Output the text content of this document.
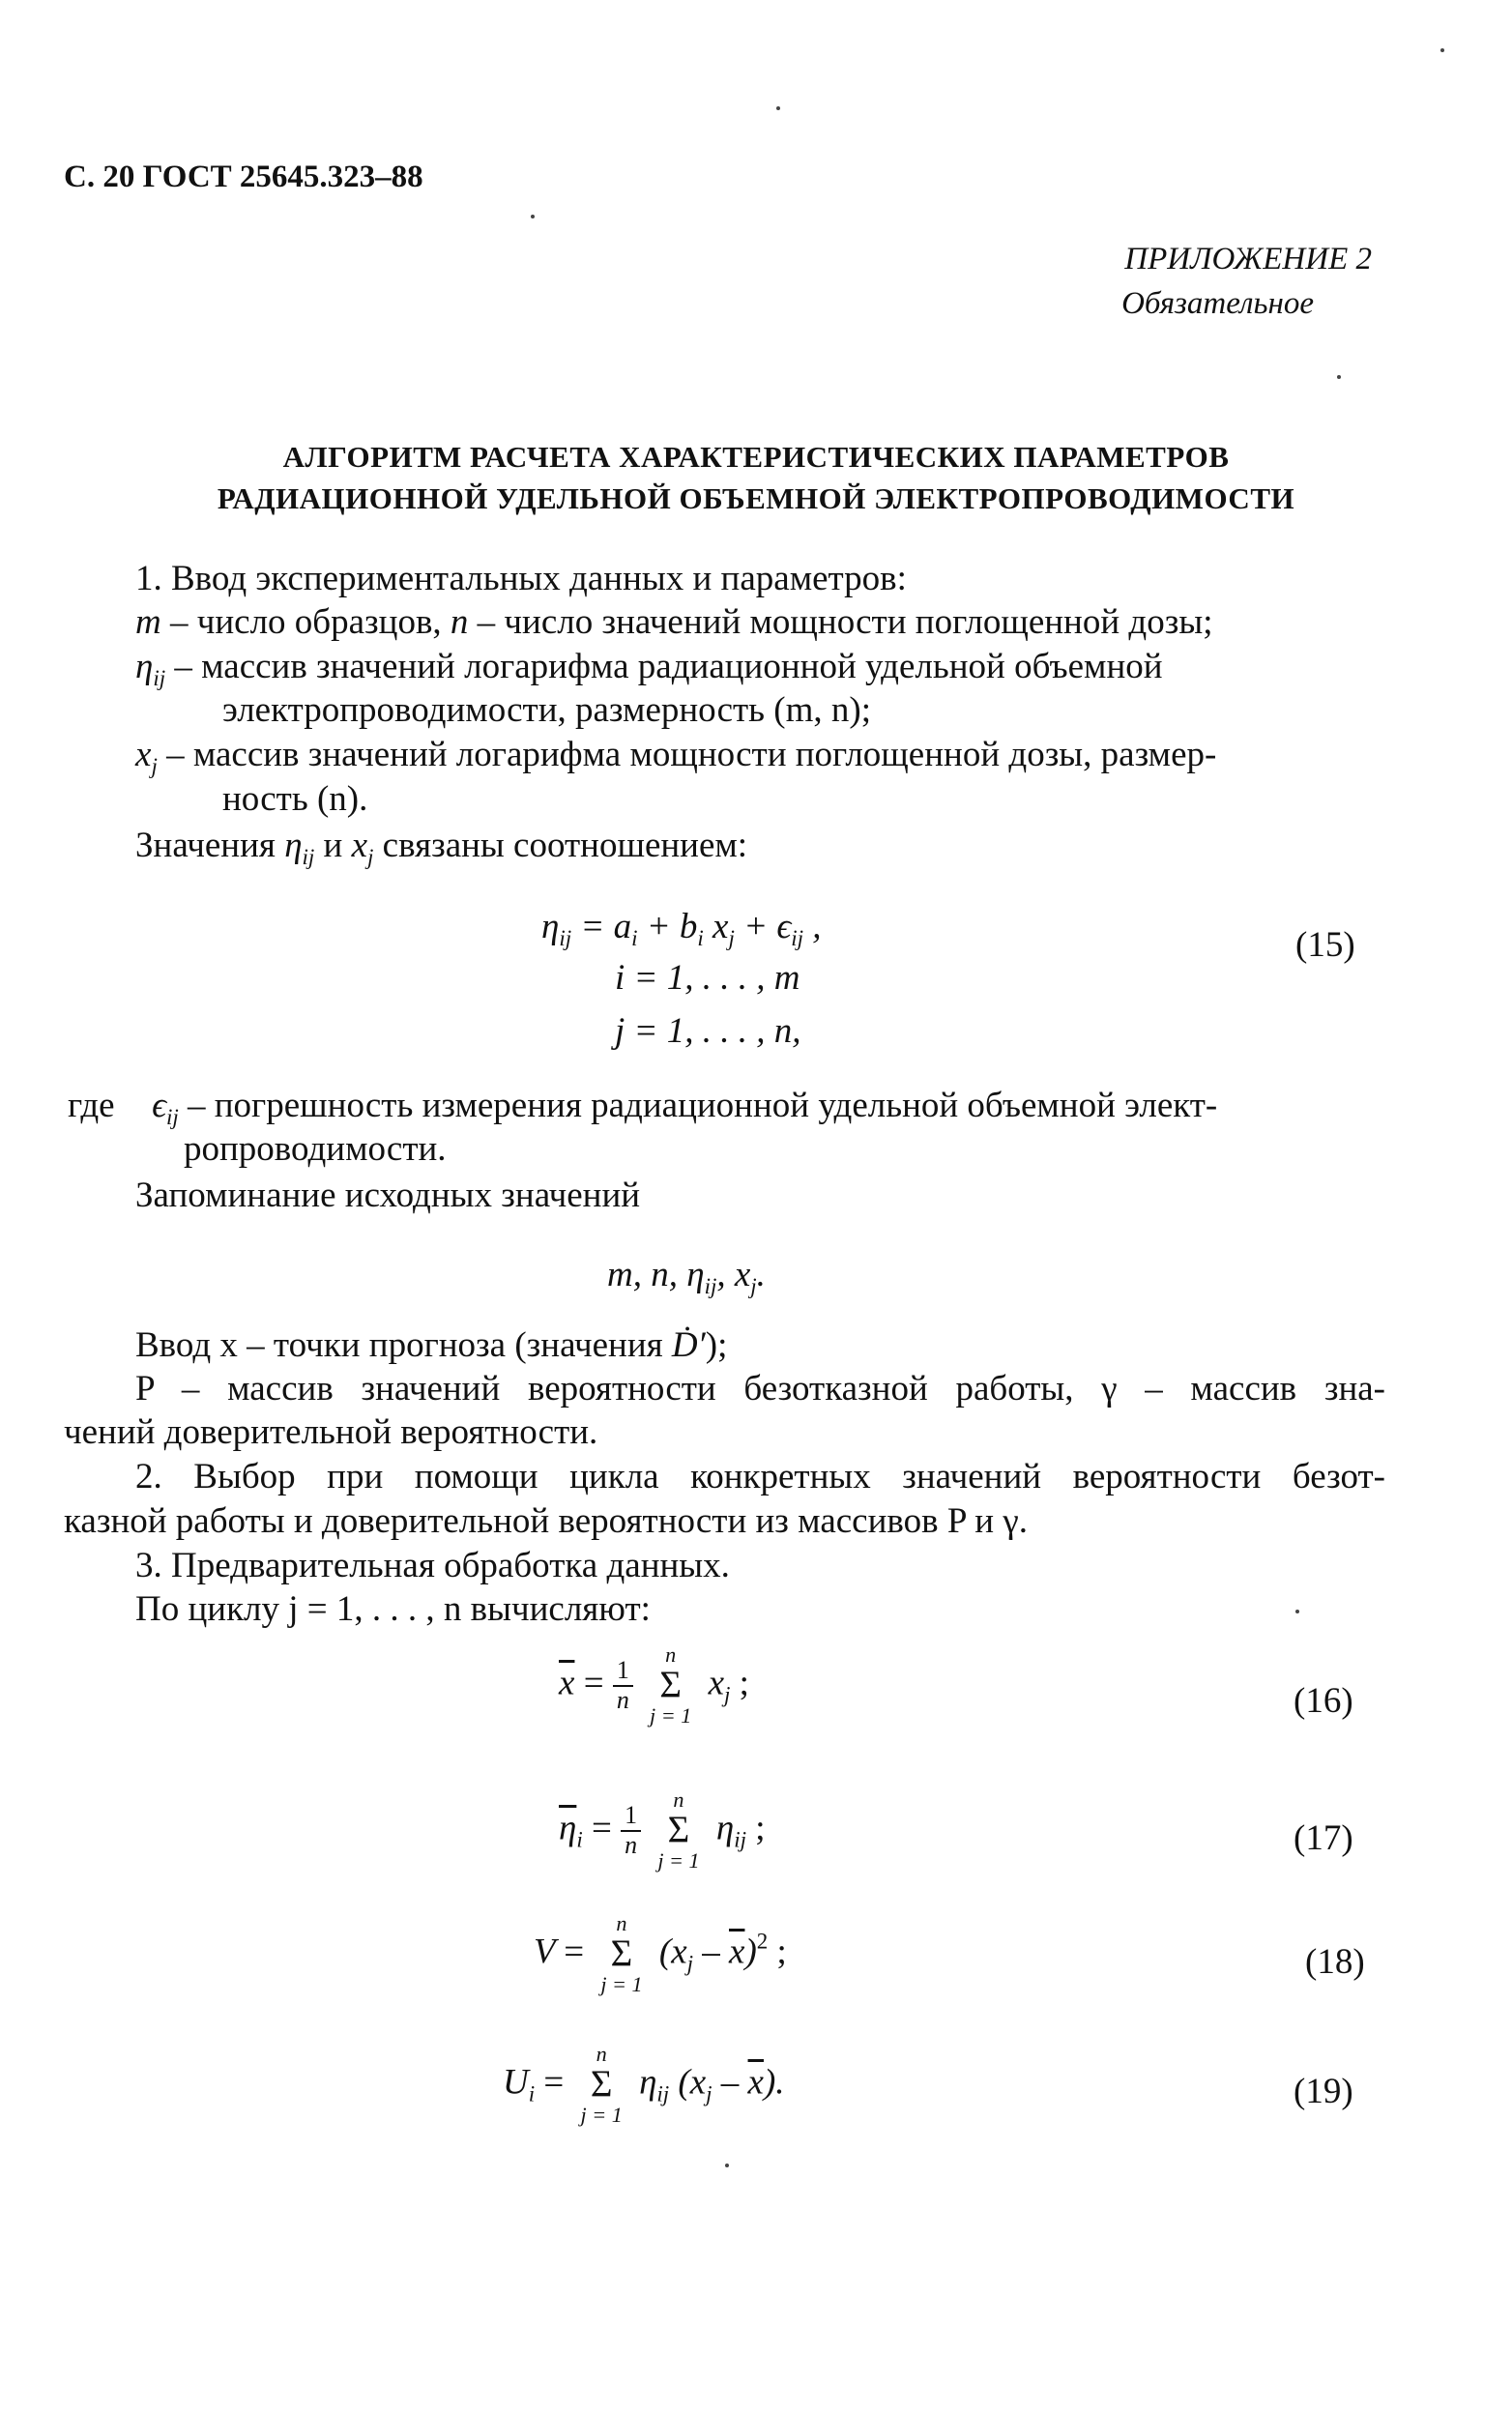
С. 20 ГОСТ 25645.323–88
ПРИЛОЖЕНИЕ 2
Обязательное
АЛГОРИТМ РАСЧЕТА ХАРАКТЕРИСТИЧЕСКИХ ПАРАМЕТРОВ
РАДИАЦИОННОЙ УДЕЛЬНОЙ ОБЪЕМНОЙ ЭЛЕКТРОПРОВОДИМОСТИ
1. Ввод экспериментальных данных и параметров:
m – число образцов, n – число значений мощности поглощенной дозы;
$\eta_{ij}$ – массив значений логарифма радиационной удельной объемной
электропроводимости, размерность (m, n);
$x_j$ – массив значений логарифма мощности поглощенной дозы, размер-
ность (n).
Значения $\eta_{ij}$ и $x_j$ связаны соотношением:
$\eta_{ij} = a_i + b_i$ $x_j + \epsilon_{ij}$ ,
i = 1, . . . , m
j = 1, . . . , n,
(15)
где $\epsilon_{ij}$ – погрешность измерения радиационной удельной объемной элект-
ропроводимости.
Запоминание исходных значений
m, n, $\eta_{ij}$, $x_j$.
Ввод x – точки прогноза (значения Ḋ′);
P – массив значений вероятности безотказной работы, γ – массив зна-
чений доверительной вероятности.
2. Выбор при помощи цикла конкретных значений вероятности безот-
казной работы и доверительной вероятности из массивов P и γ.
3. Предварительная обработка данных.
По циклу j = 1, . . . , n вычисляют:
$\overline{x} = \frac{1}{n}$

n
Σ
j = 1
$x_j$ ;	(16)
$\overline{\eta}_i = \frac{1}{n}$

n
Σ
j = 1
$\eta_{ij}$ ;	(17)
V =
n
Σ
j = 1
$(x_j - \overline{x})^2$ ;	(18)
$U_i$ =
n
Σ
j = 1
$\eta_{ij}$ $(x_j - \overline{x})$.	(19)
